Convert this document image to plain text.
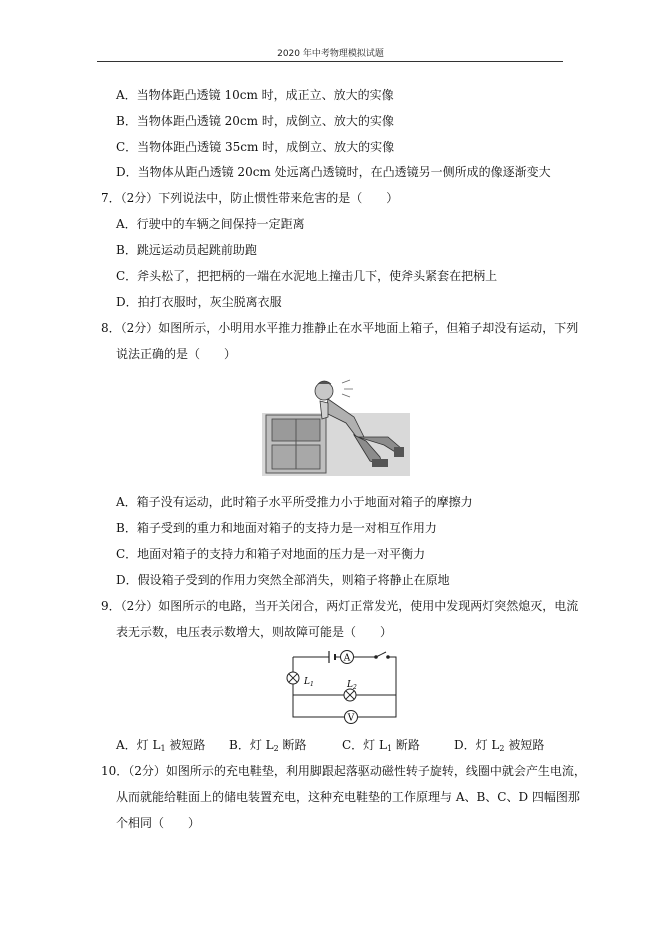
2020 年中考物理模拟试题
A．当物体距凸透镜 10cm 时，成正立、放大的实像
B．当物体距凸透镜 20cm 时，成倒立、放大的实像
C．当物体距凸透镜 35cm 时，成倒立、放大的实像
D．当物体从距凸透镜 20cm 处远离凸透镜时，在凸透镜另一侧所成的像逐渐变大
7．（2分）下列说法中，防止惯性带来危害的是（　　）
A．行驶中的车辆之间保持一定距离
B．跳远运动员起跳前助跑
C．斧头松了，把把柄的一端在水泥地上撞击几下，使斧头紧套在把柄上
D．拍打衣服时，灰尘脱离衣服
8．（2分）如图所示，小明用水平推力推静止在水平地面上箱子，但箱子却没有运动，下列
说法正确的是（　　）
A．箱子没有运动，此时箱子水平所受推力小于地面对箱子的摩擦力
B．箱子受到的重力和地面对箱子的支持力是一对相互作用力
C．地面对箱子的支持力和箱子对地面的压力是一对平衡力
D．假设箱子受到的作用力突然全部消失，则箱子将静止在原地
9．（2分）如图所示的电路，当开关闭合，两灯正常发光，使用中发现两灯突然熄灭，电流
表无示数，电压表示数增大，则故障可能是（　　）
A
V
$L_1$	$L_2$
A．灯 $L_1$ 被短路 B．灯 $L_2$ 断路	C．灯 $L_1$ 断路	D．灯 $L_2$ 被短路
10．（2分）如图所示的充电鞋垫，利用脚跟起落驱动磁性转子旋转，线圈中就会产生电流，
从而就能给鞋面上的储电装置充电，这种充电鞋垫的工作原理与 A、B、C、D 四幅图那
个相同（　　）
